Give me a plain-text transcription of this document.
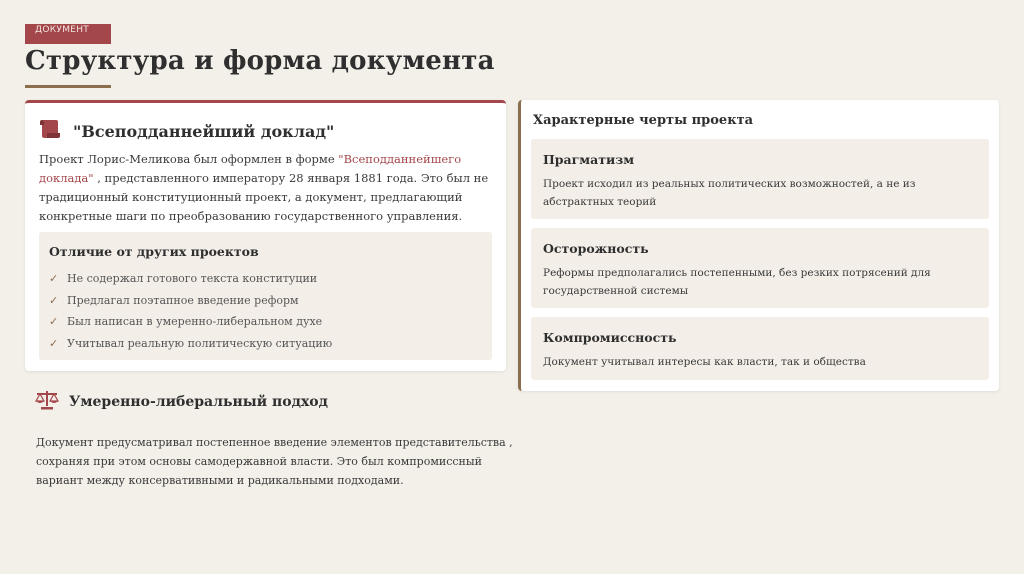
ДОКУМЕНТ
Структура и форма документа
"Всеподданнейший доклад"

Проект Лорис-Меликова был оформлен в форме "Всеподданнейшего доклада" , представленного императору 28 января 1881 года. Это был не традиционный конституционный проект, а документ, предлагающий конкретные шаги по преобразованию государственного управления.

Отличие от других проектов
✓ Не содержал готового текста конституции
✓ Предлагал поэтапное введение реформ
✓ Был написан в умеренно-либеральном духе
✓ Учитывал реальную политическую ситуацию
Умеренно-либеральный подход

Документ предусматривал постепенное введение элементов представительства , сохраняя при этом основы самодержавной власти. Это был компромиссный вариант между консервативными и радикальными подходами.

Характерные черты проекта
Прагматизм

Проект исходил из реальных политических возможностей, а не из абстрактных теорий

Осторожность

Реформы предполагались постепенными, без резких потрясений для государственной системы

Компромиссность

Документ учитывал интересы как власти, так и общества
